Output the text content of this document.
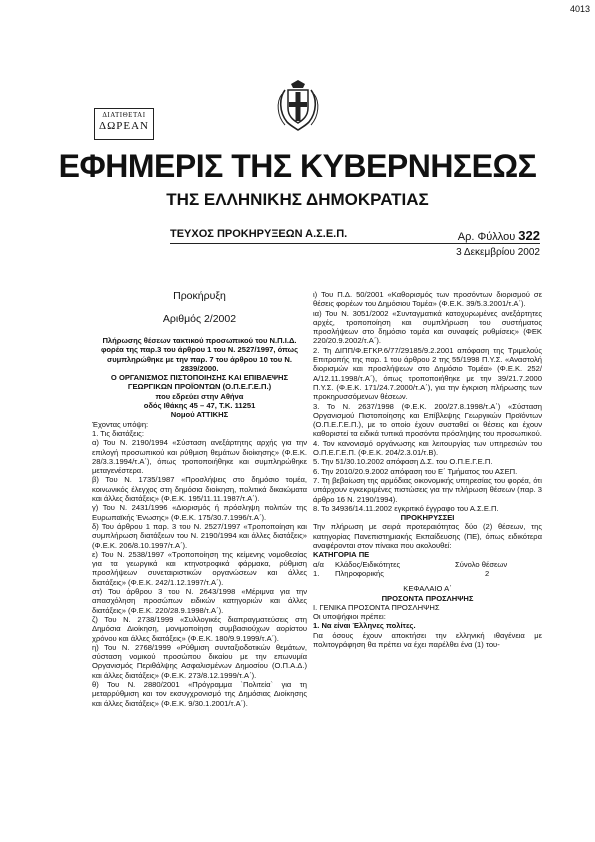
4013
ΔΙΑΤΙΘΕΤΑΙ
ΔΩΡΕΑΝ
ΕΦΗΜΕΡΙΣ ΤΗΣ ΚΥΒΕΡΝΗΣΕΩΣ
ΤΗΣ ΕΛΛΗΝΙΚΗΣ ΔΗΜΟΚΡΑΤΙΑΣ
ΤΕΥΧΟΣ ΠΡΟΚΗΡΥΞΕΩΝ Α.Σ.Ε.Π.	Αρ. Φύλλου 322
3 Δεκεμβρίου 2002

Προκήρυξη

Αριθμός 2/2002

Πλήρωσης θέσεων τακτικού προσωπικού του Ν.Π.Ι.Δ. φορέα της παρ.3 του άρθρου 1 του Ν. 2527/1997, όπως συμπληρώθηκε με την παρ. 7 του άρθρου 10 του Ν. 2839/2000.

Ο ΟΡΓΑΝΙΣΜΟΣ ΠΙΣΤΟΠΟΙΗΣΗΣ ΚΑΙ ΕΠΙΒΛΕΨΗΣ ΓΕΩΡΓΙΚΩΝ ΠΡΟΪΟΝΤΩΝ (Ο.Π.Ε.Γ.Ε.Π.)

που εδρεύει στην Αθήνα

οδός Ιθάκης 45 – 47, Τ.Κ. 11251

Νομού ΑΤΤΙΚΗΣ

Έχοντας υπόψη:

1. Τις διατάξεις:

α) Του Ν. 2190/1994 «Σύσταση ανεξάρτητης αρχής για την επιλογή προσωπικού και ρύθμιση θεμάτων διοίκησης» (Φ.Ε.Κ. 28/3.3.1994/τ.Α΄), όπως τροποποιήθηκε και συμπληρώθηκε μεταγενέστερα.

β) Του Ν. 1735/1987 «Προσλήψεις στο δημόσιο τομέα, κοινωνικός έλεγχος στη δημόσια διοίκηση, πολιτικά δικαιώματα και άλλες διατάξεις» (Φ.Ε.Κ. 195/11.11.1987/τ.Α΄).

γ) Του Ν. 2431/1996 «Διορισμός ή πρόσληψη πολιτών της Ευρωπαϊκής Ένωσης» (Φ.Ε.Κ. 175/30.7.1996/τ.Α΄).

δ) Του άρθρου 1 παρ. 3 του Ν. 2527/1997 «Τροποποίηση και συμπλήρωση διατάξεων του Ν. 2190/1994 και άλλες διατάξεις» (Φ.Ε.Κ. 206/8.10.1997/τ.Α΄).

ε) Του Ν. 2538/1997 «Τροποποίηση της κείμενης νομοθεσίας για τα γεωργικά και κτηνοτροφικά φάρμακα, ρύθμιση προσλήψεων συνεταιριστικών οργανώσεων και άλλες διατάξεις» (Φ.Ε.Κ. 242/1.12.1997/τ.Α΄).

στ) Του άρθρου 3 του Ν. 2643/1998 «Μέριμνα για την απασχόληση προσώπων ειδικών κατηγοριών και άλλες διατάξεις» (Φ.Ε.Κ. 220/28.9.1998/τ.Α΄).

ζ) Του Ν. 2738/1999 «Συλλογικές διαπραγματεύσεις στη Δημόσια Διοίκηση, μονιμοποίηση συμβασιούχων αορίστου χρόνου και άλλες διατάξεις» (Φ.Ε.Κ. 180/9.9.1999/τ.Α΄).

η) Του Ν. 2768/1999 «Ρύθμιση συνταξιοδοτικών θεμάτων, σύσταση νομικού προσώπου δικαίου με την επωνυμία Οργανισμός Περιθάλψης Ασφαλισμένων Δημοσίου (Ο.Π.Α.Δ.) και άλλες διατάξεις» (Φ.Ε.Κ. 273/8.12.1999/τ.Α΄).

θ) Του Ν. 2880/2001 «Πρόγραμμα `Πολιτεία` για τη μεταρρύθμιση και τον εκσυγχρονισμό της Δημόσιας Διοίκησης και άλλες διατάξεις» (Φ.Ε.Κ. 9/30.1.2001/τ.Α΄).

ι) Του Π.Δ. 50/2001 «Καθορισμός των προσόντων διορισμού σε θέσεις φορέων του Δημόσιου Τομέα» (Φ.Ε.Κ. 39/5.3.2001/τ.Α΄).

ια) Του Ν. 3051/2002 «Συνταγματικά κατοχυρωμένες ανεξάρτητες αρχές, τροποποίηση και συμπλήρωση του συστήματος προσλήψεων στο δημόσιο τομέα και συναφείς ρυθμίσεις» (ΦΕΚ 220/20.9.2002/τ.Α΄).

2. Τη ΔΙΠΠ/Φ.ΕΓΚΡ.6/77/29185/9.2.2001 απόφαση της Τριμελούς Επιτροπής της παρ. 1 του άρθρου 2 της 55/1998 Π.Υ.Σ. «Αναστολή διορισμών και προσλήψεων στο Δημόσιο Τομέα» (Φ.Ε.Κ. 252/Α/12.11.1998/τ.Α΄), όπως τροποποιήθηκε με την 39/21.7.2000 Π.Υ.Σ. (Φ.Ε.Κ. 171/24.7.2000/τ.Α΄), για την έγκριση πλήρωσης των προκηρυσσόμενων θέσεων.

3. Το Ν. 2637/1998 (Φ.Ε.Κ. 200/27.8.1998/τ.Α΄) «Σύσταση Οργανισμού Πιστοποίησης και Επίβλεψης Γεωργικών Προϊόντων (Ο.Π.Ε.Γ.Ε.Π.), με το οποίο έχουν συσταθεί οι θέσεις και έχουν καθοριστεί τα ειδικά τυπικά προσόντα πρόσληψης του προσωπικού.

4. Τον κανονισμό οργάνωσης και λειτουργίας των υπηρεσιών του Ο.Π.Ε.Γ.Ε.Π. (Φ.Ε.Κ. 204/2.3.01/τ.Β).

5. Την 51/30.10.2002 απόφαση Δ.Σ. του Ο.Π.Ε.Γ.Ε.Π.

6. Την 2010/20.9.2002 απόφαση του Ε΄ Τμήματος του ΑΣΕΠ.

7. Τη βεβαίωση της αρμόδιας οικονομικής υπηρεσίας του φορέα, ότι υπάρχουν εγκεκριμένες πιστώσεις για την πλήρωση θέσεων (παρ. 3 άρθρο 16 Ν. 2190/1994).

8. Το 34936/14.11.2002 εγκριτικό έγγραφο του Α.Σ.Ε.Π.

ΠΡΟΚΗΡΥΣΣΕΙ

Την πλήρωση με σειρά προτεραιότητας δύο (2) θέσεων, της κατηγορίας Πανεπιστημιακής Εκπαίδευσης (ΠΕ), όπως ειδικότερα αναφέρονται στον πίνακα που ακολουθεί:

ΚΑΤΗΓΟΡΙΑ ΠΕ

α/α	Κλάδος/Ειδικότητες	Σύνολο θέσεων
1.	Πληροφορικής	2

ΚΕΦΑΛΑΙΟ Α΄

ΠΡΟΣΟΝΤΑ ΠΡΟΣΛΗΨΗΣ

Ι. ΓΕΝΙΚΑ ΠΡΟΣΟΝΤΑ ΠΡΟΣΛΗΨΗΣ

Οι υποψήφιοι πρέπει:

1. Να είναι Έλληνες πολίτες.

Για όσους έχουν αποκτήσει την ελληνική ιθαγένεια με πολιτογράφηση θα πρέπει να έχει παρέλθει ένα (1) του-
